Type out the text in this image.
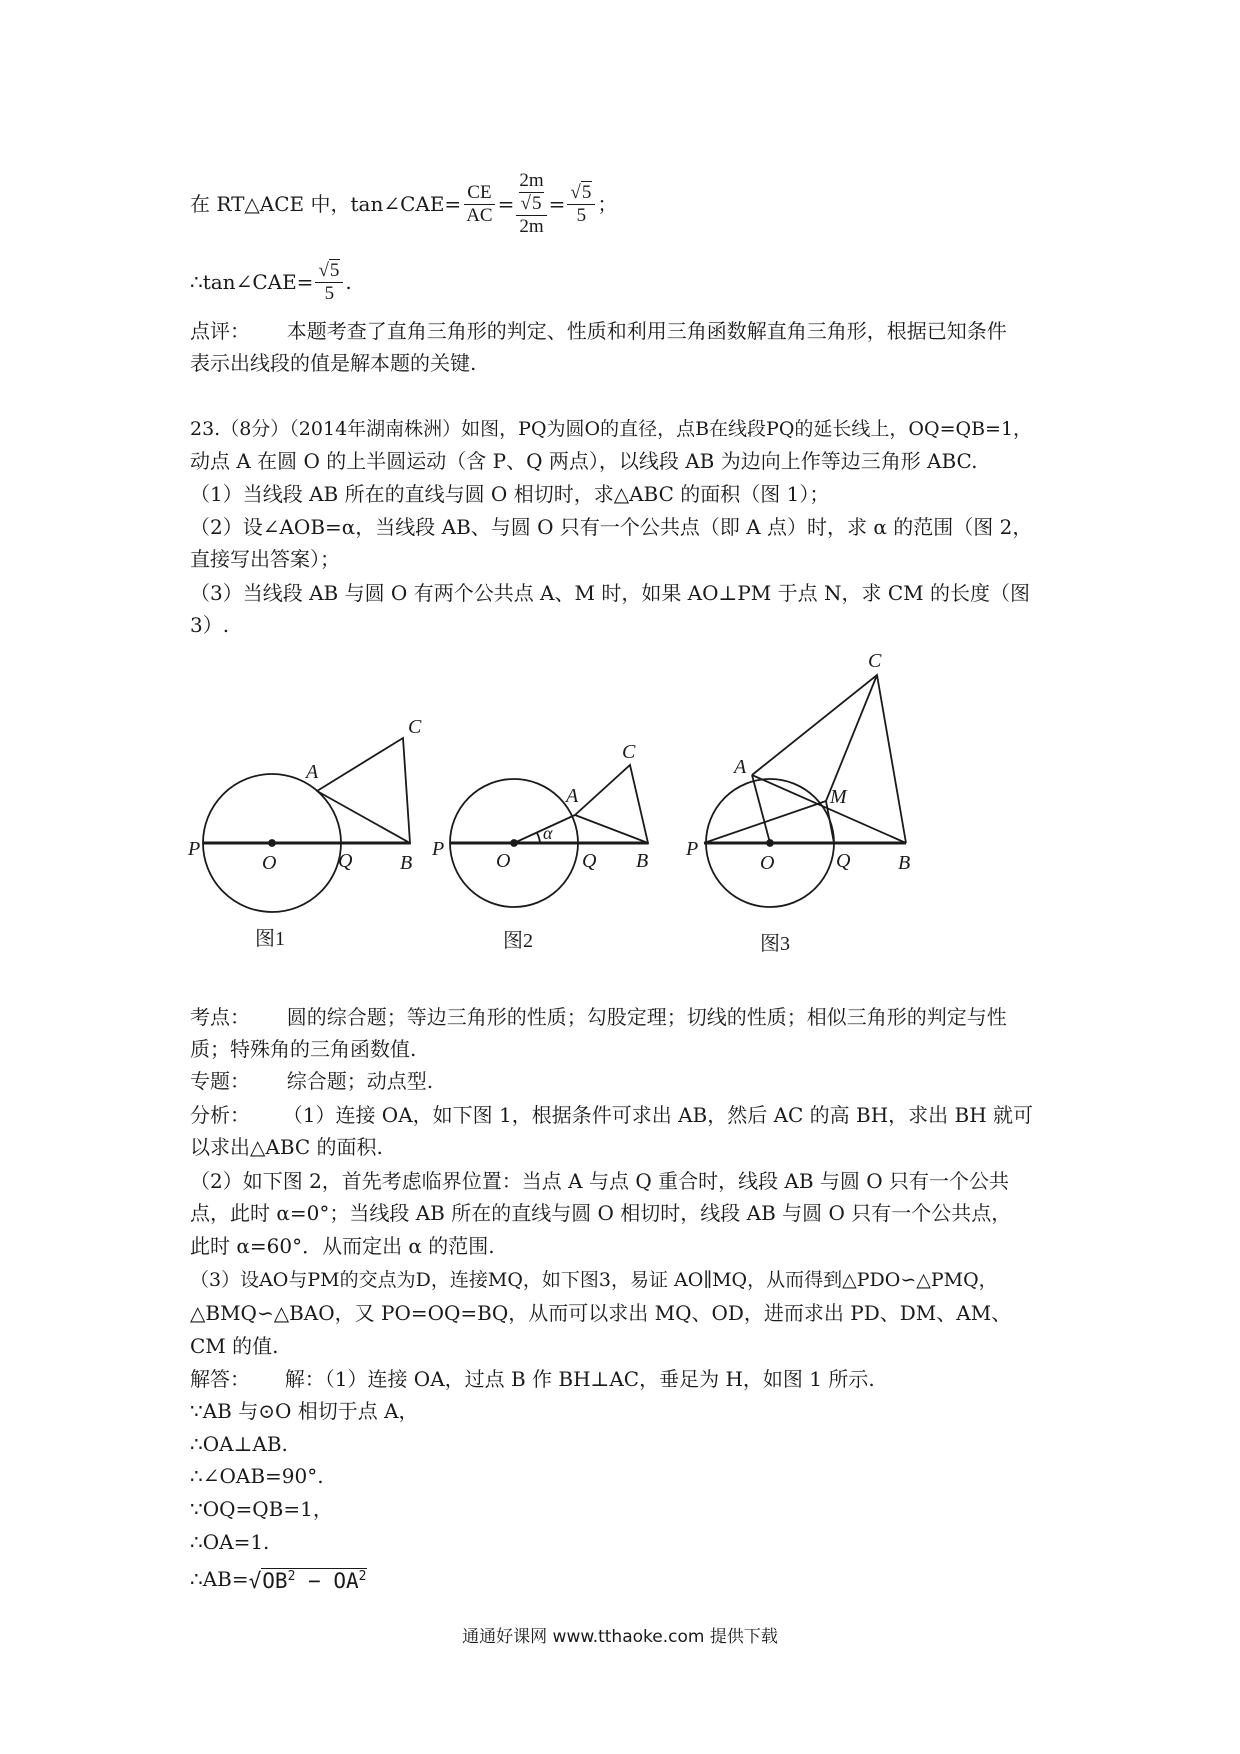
在 RT△ACE 中，tan∠CAE= $\frac{CE}{AC} = 2m$
√5
$2m = \frac{√5}{5}$ ；
∴tan∠CAE= $\frac{√5}{5}$ .
点评： 本题考查了直角三角形的判定、性质和利用三角函数解直角三角形，根据已知条件
表示出线段的值是解本题的关键.
23.（8分）（2014年湖南株洲）如图，PQ为圆O的直径，点B在线段PQ的延长线上，OQ=QB=1，
动点 A 在圆 O 的上半圆运动（含 P、Q 两点），以线段 AB 为边向上作等边三角形 ABC.
（1）当线段 AB 所在的直线与圆 O 相切时，求△ABC 的面积（图 1）；
（2）设∠AOB=α，当线段 AB、与圆 O 只有一个公共点（即 A 点）时，求 α 的范围（图 2，
直接写出答案）；
（3）当线段 AB 与圆 O 有两个公共点 A、M 时，如果 AO⊥PM 于点 N，求 CM 的长度（图
3）.
P
O	Q B
A
C
图1
P
O	Q B
A
C
α
图2
P
O	Q B
A
C
M
图3
考点： 圆的综合题；等边三角形的性质；勾股定理；切线的性质；相似三角形的判定与性
质；特殊角的三角函数值.
专题： 综合题；动点型.
分析： （1）连接 OA，如下图 1，根据条件可求出 AB，然后 AC 的高 BH，求出 BH 就可
以求出△ABC 的面积.
（2）如下图 2，首先考虑临界位置：当点 A 与点 Q 重合时，线段 AB 与圆 O 只有一个公共
点，此时 α=0°；当线段 AB 所在的直线与圆 O 相切时，线段 AB 与圆 O 只有一个公共点，
此时 α=60°．从而定出 α 的范围.
（3）设AO与PM的交点为D，连接MQ，如下图3，易证 AO∥MQ，从而得到△PDO∽△PMQ，
△BMQ∽△BAO，又 PO=OQ=BQ，从而可以求出 MQ、OD，进而求出 PD、DM、AM、
CM 的值.
解答： 解：（1）连接 OA，过点 B 作 BH⊥AC，垂足为 H，如图 1 所示.
∵AB 与⊙O 相切于点 A，
∴OA⊥AB.
∴∠OAB=90°.
∵OQ=QB=1，
∴OA=1.
∴AB= $√OB^2 - OA^2$
通通好课网 www.tthaoke.com 提供下载
